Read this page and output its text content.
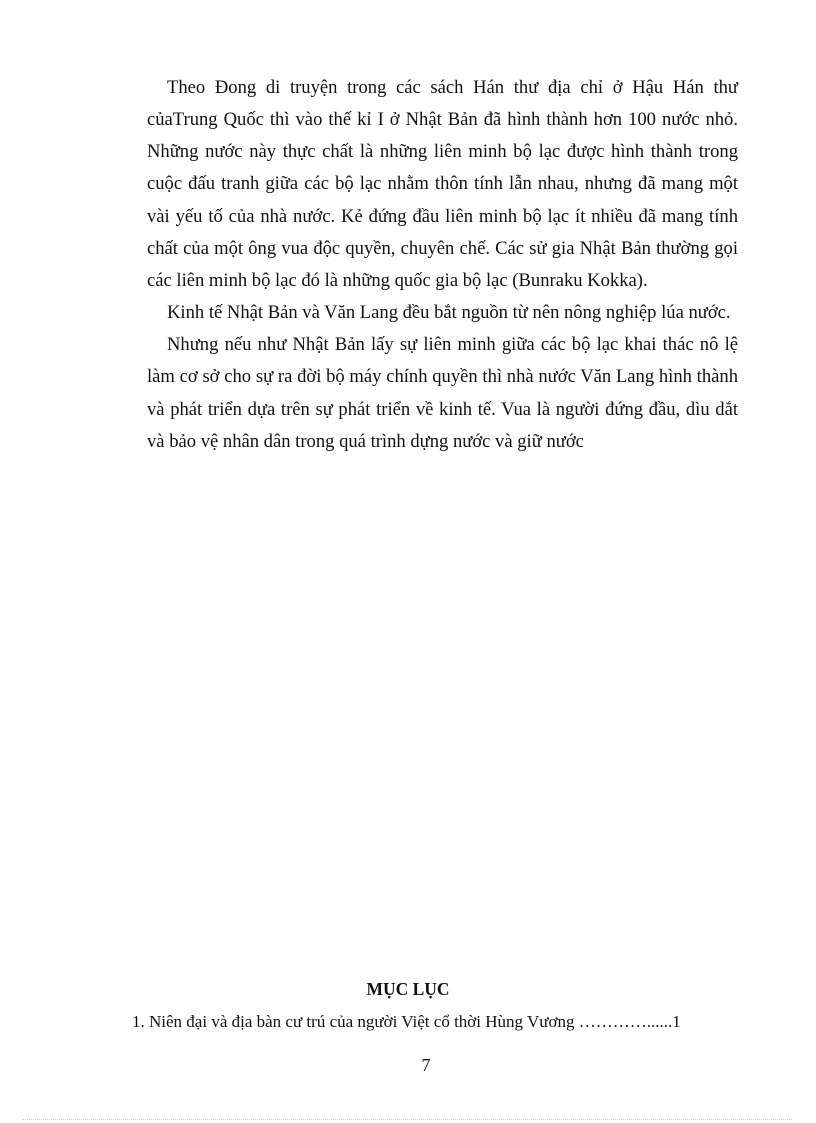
Theo Đong di truyện trong các sách Hán thư địa chỉ ở Hậu Hán thư củaTrung Quốc thì vào thế kỉ I ở Nhật Bản đã hình thành hơn 100 nước nhỏ. Những nước này thực chất là những liên minh bộ lạc được hình thành trong cuộc đấu tranh giữa các bộ lạc nhằm thôn tính lẫn nhau, nhưng đã mang một vài yếu tố của nhà nước. Kẻ đứng đầu liên minh bộ lạc ít nhiều đã mang tính chất của một ông vua độc quyền, chuyên chế. Các sử gia Nhật Bản thường gọi các liên minh bộ lạc đó là những quốc gia bộ lạc (Bunraku Kokka).

Kinh tế Nhật Bản và Văn Lang đều bắt nguồn từ nên nông nghiệp lúa nước.

Nhưng nếu như Nhật Bản lấy sự liên minh giữa các bộ lạc khai thác nô lệ làm cơ sở cho sự ra đời bộ máy chính quyền thì nhà nước Văn Lang hình thành và phát triển dựa trên sự phát triển về kinh tế. Vua là người đứng đầu, dìu dắt và bảo vệ nhân dân trong quá trình dựng nước và giữ nước

MỤC LỤC
1. Niên đại và địa bàn cư trú của người Việt cổ thời Hùng Vương …………......1
7
